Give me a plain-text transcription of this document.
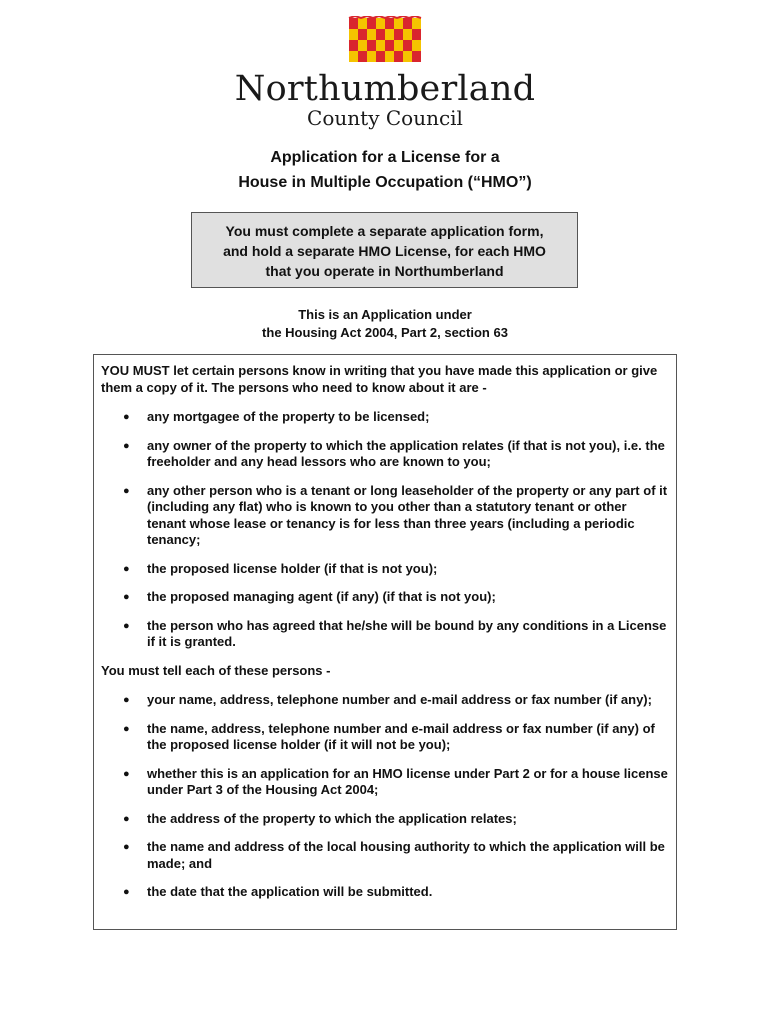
Northumberland
County Council
Application for a License for a
House in Multiple Occupation (“HMO”)
You must complete a separate application form,
and hold a separate HMO License, for each HMO
that you operate in Northumberland
This is an Application under
the Housing Act 2004, Part 2, section 63

YOU MUST let certain persons know in writing that you have made this application or give them a copy of it. The persons who need to know about it are -

● any mortgagee of the property to be licensed;
● any owner of the property to which the application relates (if that is not you), i.e. the freeholder and any head lessors who are known to you;
● any other person who is a tenant or long leaseholder of the property or any part of it (including any flat) who is known to you other than a statutory tenant or other tenant whose lease or tenancy is for less than three years (including a periodic tenancy;
● the proposed license holder (if that is not you);
● the proposed managing agent (if any) (if that is not you);
● the person who has agreed that he/she will be bound by any conditions in a License if it is granted.

You must tell each of these persons -

● your name, address, telephone number and e-mail address or fax number (if any);
● the name, address, telephone number and e-mail address or fax number (if any) of the proposed license holder (if it will not be you);
● whether this is an application for an HMO license under Part 2 or for a house license under Part 3 of the Housing Act 2004;
● the address of the property to which the application relates;
● the name and address of the local housing authority to which the application will be made; and
● the date that the application will be submitted.
